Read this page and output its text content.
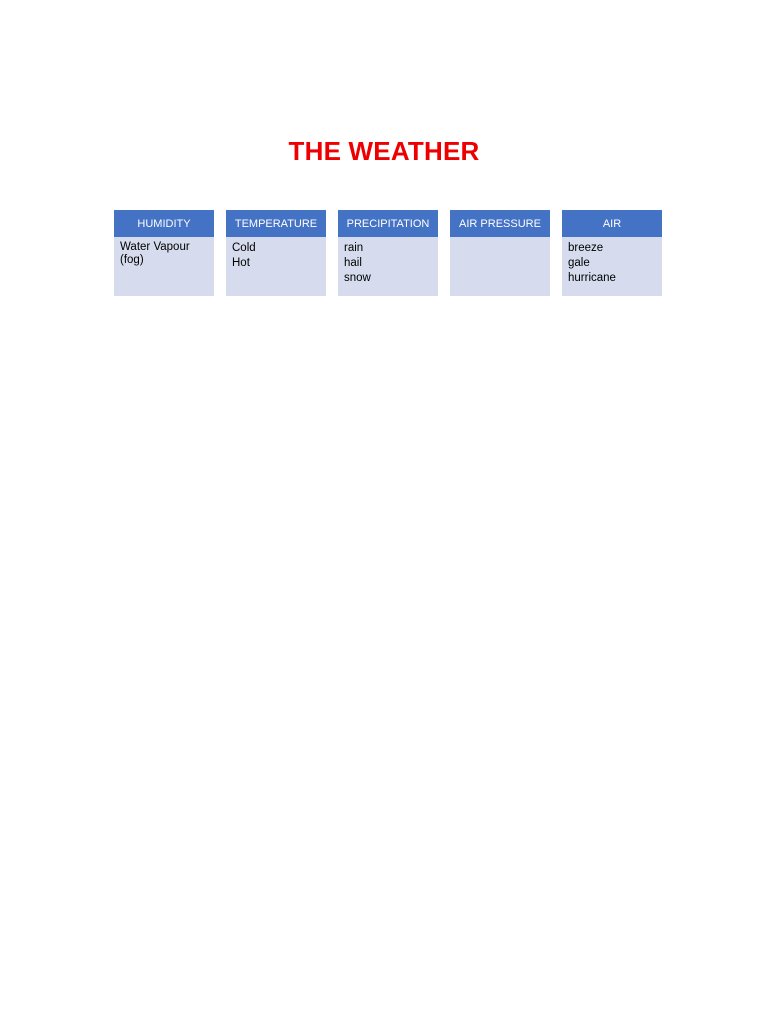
THE WEATHER
HUMIDITY
Water Vapour (fog)
TEMPERATURE
Cold
Hot
PRECIPITATION
rain
hail
snow
AIR PRESSURE	AIR
breeze
gale
hurricane
